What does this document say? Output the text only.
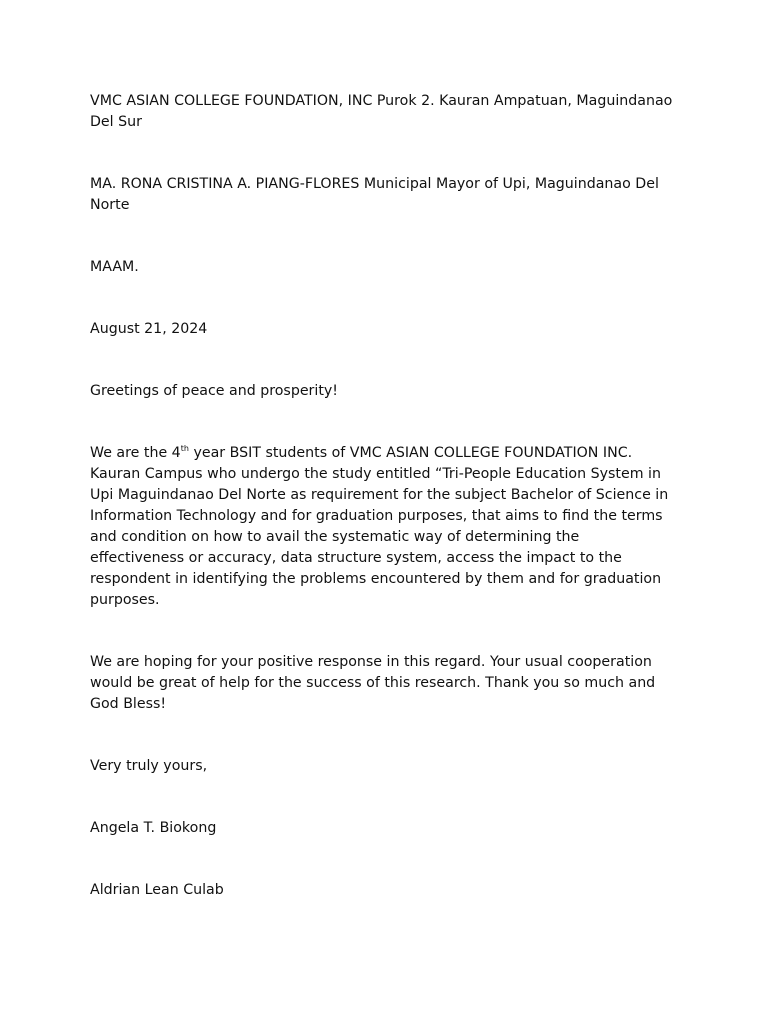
VMC ASIAN COLLEGE FOUNDATION, INC Purok 2. Kauran Ampatuan, Maguindanao Del Sur

MA. RONA CRISTINA A. PIANG-FLORES Municipal Mayor of Upi, Maguindanao Del Norte

MAAM.

August 21, 2024

Greetings of peace and prosperity!

We are the 4th year BSIT students of VMC ASIAN COLLEGE FOUNDATION INC. Kauran Campus who undergo the study entitled “Tri-People Education System in Upi Maguindanao Del Norte as requirement for the subject Bachelor of Science in Information Technology and for graduation purposes, that aims to find the terms and condition on how to avail the systematic way of determining the effectiveness or accuracy, data structure system, access the impact to the respondent in identifying the problems encountered by them and for graduation purposes.

We are hoping for your positive response in this regard. Your usual cooperation would be great of help for the success of this research. Thank you so much and God Bless!

Very truly yours,

Angela T. Biokong

Aldrian Lean Culab
